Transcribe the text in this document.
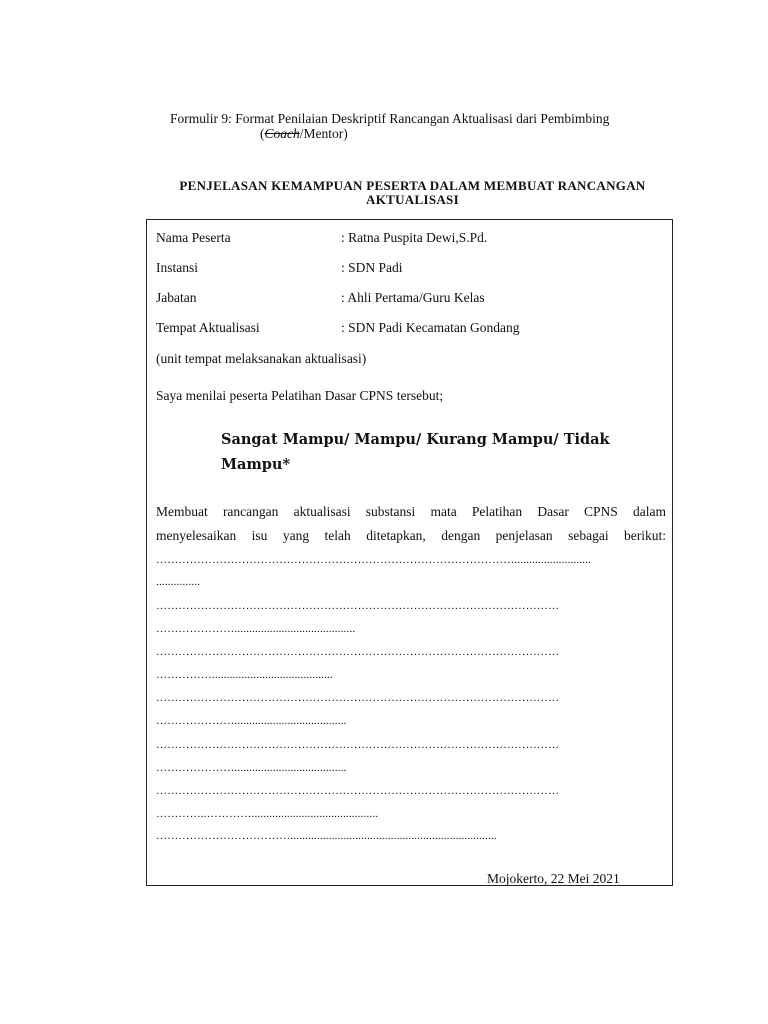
Formulir 9: Format Penilaian Deskriptif Rancangan Aktualisasi dari Pembimbing
(Coach/Mentor)
PENJELASAN KEMAMPUAN PESERTA DALAM MEMBUAT RANCANGAN
AKTUALISASI
Nama Peserta	: Ratna Puspita Dewi,S.Pd.
Instansi	: SDN Padi
Jabatan	: Ahli Pertama/Guru Kelas
Tempat Aktualisasi	: SDN Padi Kecamatan Gondang
(unit tempat melaksanakan aktualisasi)
Saya menilai peserta Pelatihan Dasar CPNS tersebut;
Sangat Mampu/ Mampu/ Kurang Mampu/ Tidak
Mampu*
Membuat rancangan aktualisasi substansi mata Pelatihan Dasar CPNS dalam
menyelesaikan isu yang telah ditetapkan, dengan penjelasan sebagai berikut:
……………………………………………………………………………………..........................
...............
………………………………………………………………………………………………
………………….........................................
………………………………………………………………………………………………
…………….........................................
………………………………………………………………………………………………
…………………......................................
………………………………………………………………………………………………
…………………......................................
………………………………………………………………………………………………
…………..…………...........................................
………………………………......................................................................
Mojokerto, 22 Mei 2021
